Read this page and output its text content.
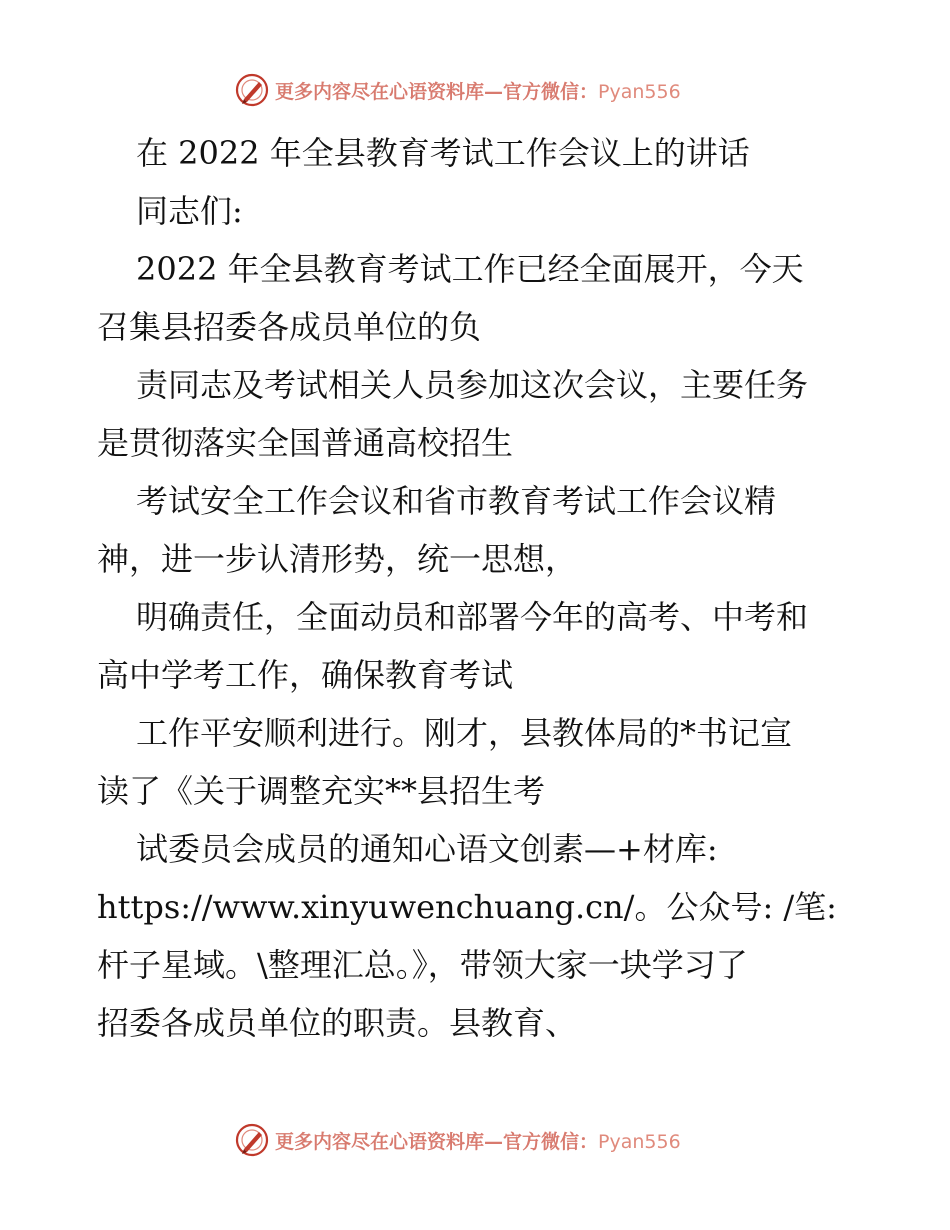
更多内容尽在心语资料库—官方微信：Pyan556
在 2022 年全县教育考试工作会议上的讲话
同志们:
2022 年全县教育考试工作已经全面展开，今天
召集县招委各成员单位的负
责同志及考试相关人员参加这次会议，主要任务
是贯彻落实全国普通高校招生
考试安全工作会议和省市教育考试工作会议精
神，进一步认清形势，统一思想，
明确责任，全面动员和部署今年的高考、中考和
高中学考工作，确保教育考试
工作平安顺利进行。刚才，县教体局的*书记宣
读了《关于调整充实**县招生考
试委员会成员的通知心语文创素—+材库:
https://www.xinyuwenchuang.cn/。公众号: /笔:
杆子星域。\整理汇总。》，带领大家一块学习了
招委各成员单位的职责。县教育、
更多内容尽在心语资料库—官方微信：Pyan556
